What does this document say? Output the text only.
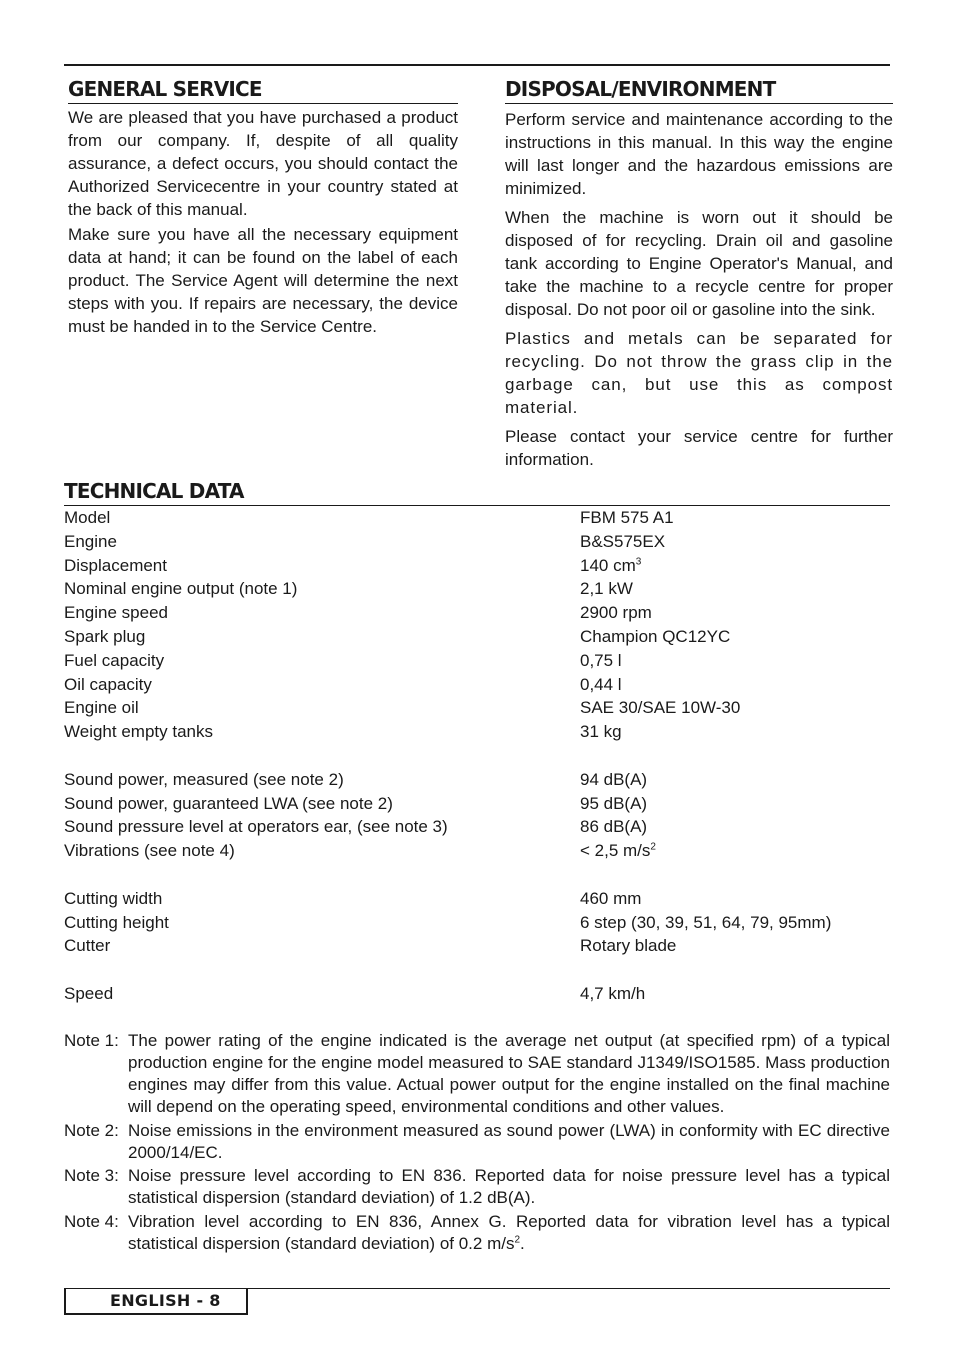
GENERAL SERVICE

We are pleased that you have purchased a product from our company. If, despite of all quality assurance, a defect occurs, you should contact the Authorized Servicecentre in your country stated at the back of this manual.

Make sure you have all the necessary equipment data at hand; it can be found on the label of each product. The Service Agent will determine the next steps with you. If repairs are necessary, the device must be handed in to the Service Centre.

DISPOSAL/ENVIRONMENT

Perform service and maintenance according to the instructions in this manual. In this way the engine will last longer and the hazardous emissions are minimized.

When the machine is worn out it should be disposed of for recycling. Drain oil and gasoline tank according to Engine Operator's Manual, and take the machine to a recycle centre for proper disposal. Do not poor oil or gasoline into the sink.

Plastics and metals can be separated for recycling. Do not throw the grass clip in the garbage can, but use this as compost material.

Please contact your service centre for further information.

TECHNICAL DATA
Model	FBM 575 A1
Engine	B&S575EX
Displacement	140 $cm^3$
Nominal engine output (note 1)	2,1 kW
Engine speed	2900 rpm
Spark plug	Champion QC12YC
Fuel capacity	0,75 l
Oil capacity	0,44 l
Engine oil	SAE 30/SAE 10W-30
Weight empty tanks	31 kg
Sound power, measured (see note 2)	94 dB(A)
Sound power, guaranteed LWA (see note 2)	95 dB(A)
Sound pressure level at operators ear, (see note 3)	86 dB(A)
Vibrations (see note 4)	< 2,5 $m/s^2$
Cutting width	460 mm
Cutting height	6 step (30, 39, 51, 64, 79, 95mm)
Cutter	Rotary blade
Speed	4,7 km/h
Note 1: The power rating of the engine indicated is the average net output (at specified rpm) of a typical production engine for the engine model measured to SAE standard J1349/ISO1585. Mass production engines may differ from this value. Actual power output for the engine installed on the final machine will depend on the operating speed, environmental conditions and other values.
Note 2: Noise emissions in the environment measured as sound power (LWA) in conformity with EC directive 2000/14/EC.
Note 3: Noise pressure level according to EN 836. Reported data for noise pressure level has a typical statistical dispersion (standard deviation) of 1.2 dB(A).
Note 4: Vibration level according to EN 836, Annex G. Reported data for vibration level has a typical statistical dispersion (standard deviation) of 0.2 $m/s^2$.
ENGLISH - 8
